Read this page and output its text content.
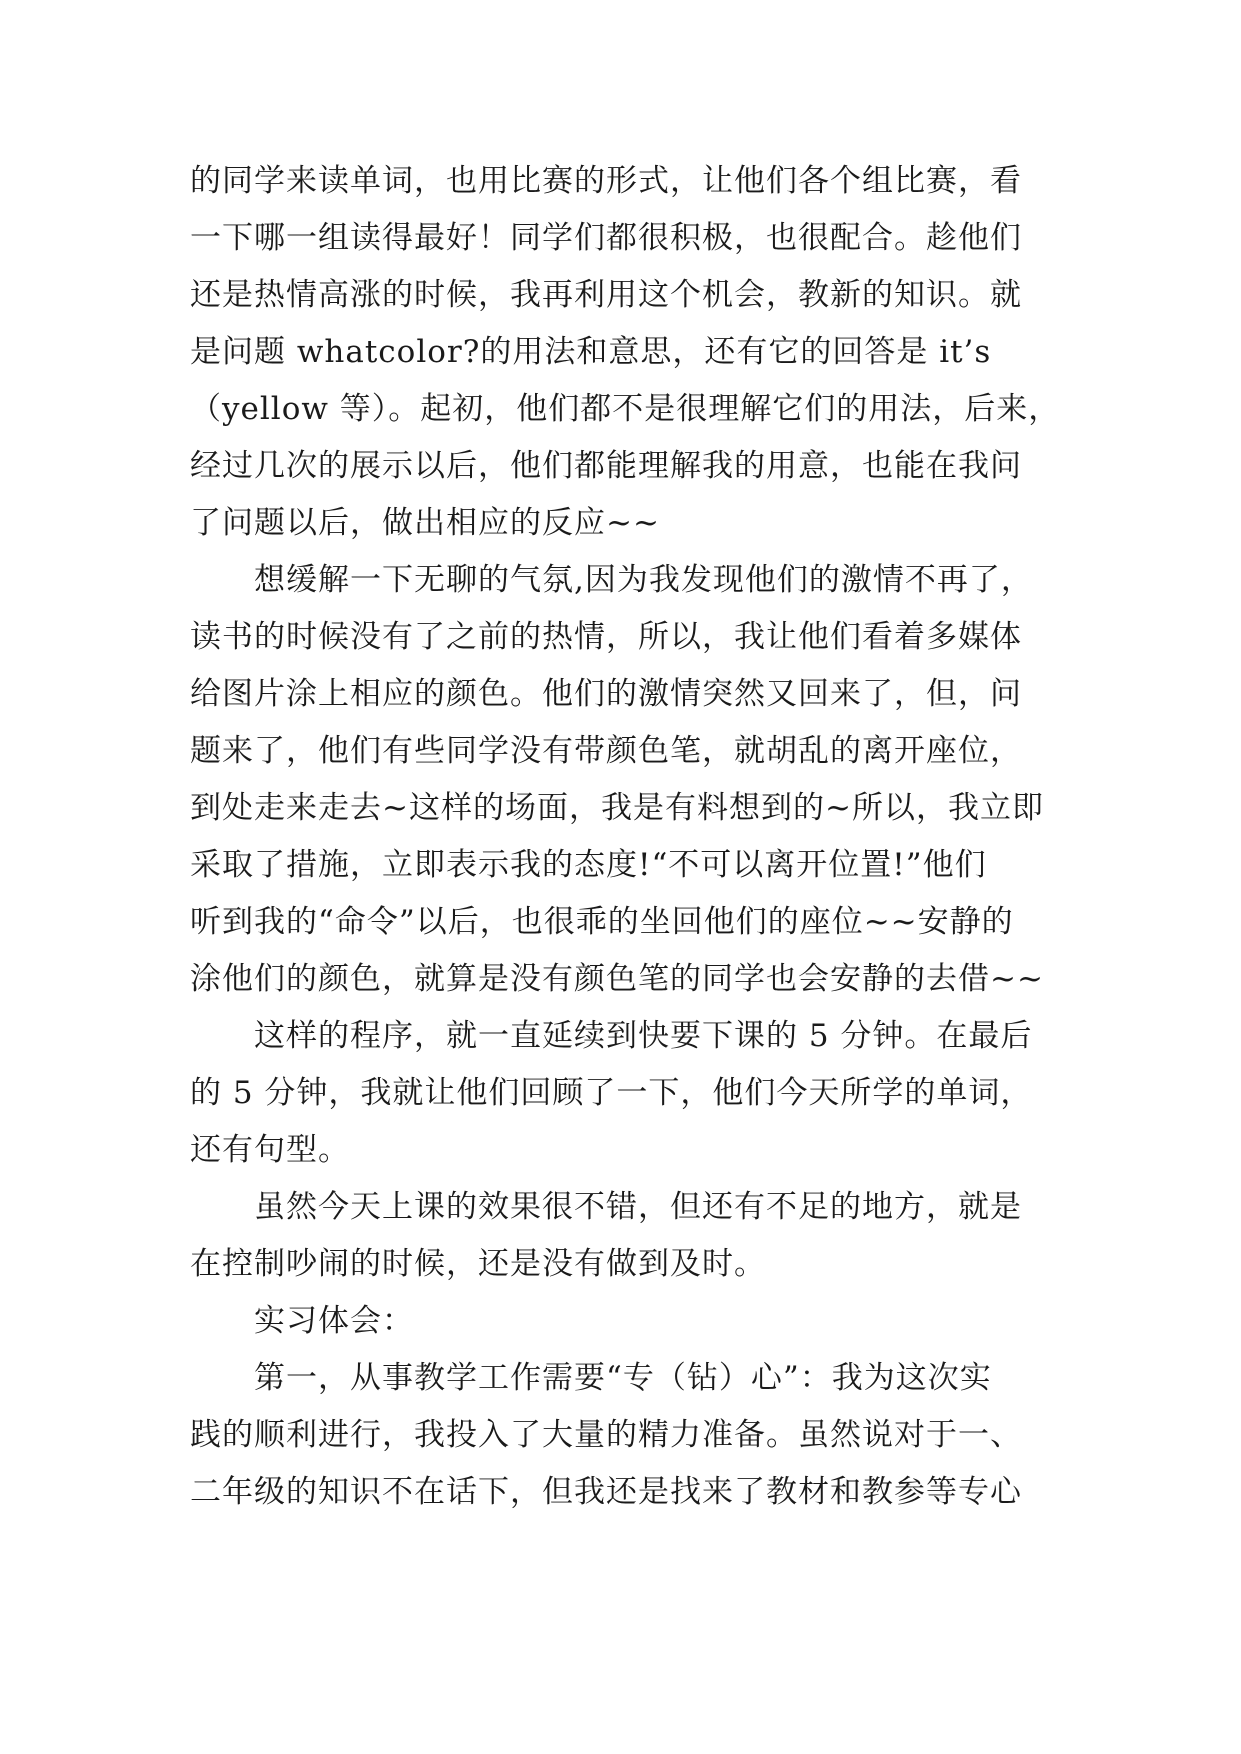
的同学来读单词，也用比赛的形式，让他们各个组比赛，看
一下哪一组读得最好！同学们都很积极，也很配合。趁他们
还是热情高涨的时候，我再利用这个机会，教新的知识。就
是问题 whatcolor?的用法和意思，还有它的回答是 it’s
（yellow 等）。起初，他们都不是很理解它们的用法，后来，
经过几次的展示以后，他们都能理解我的用意，也能在我问
了问题以后，做出相应的反应~~
想缓解一下无聊的气氛,因为我发现他们的激情不再了，
读书的时候没有了之前的热情，所以，我让他们看着多媒体
给图片涂上相应的颜色。他们的激情突然又回来了，但，问
题来了，他们有些同学没有带颜色笔，就胡乱的离开座位，
到处走来走去~这样的场面，我是有料想到的~所以，我立即
采取了措施，立即表示我的态度!“不可以离开位置!”他们
听到我的“命令”以后，也很乖的坐回他们的座位~~安静的
涂他们的颜色，就算是没有颜色笔的同学也会安静的去借~~
这样的程序，就一直延续到快要下课的 5 分钟。在最后
的 5 分钟，我就让他们回顾了一下，他们今天所学的单词，
还有句型。
虽然今天上课的效果很不错，但还有不足的地方，就是
在控制吵闹的时候，还是没有做到及时。
实习体会：
第一，从事教学工作需要“专（钻）心”：我为这次实
践的顺利进行，我投入了大量的精力准备。虽然说对于一、
二年级的知识不在话下，但我还是找来了教材和教参等专心
